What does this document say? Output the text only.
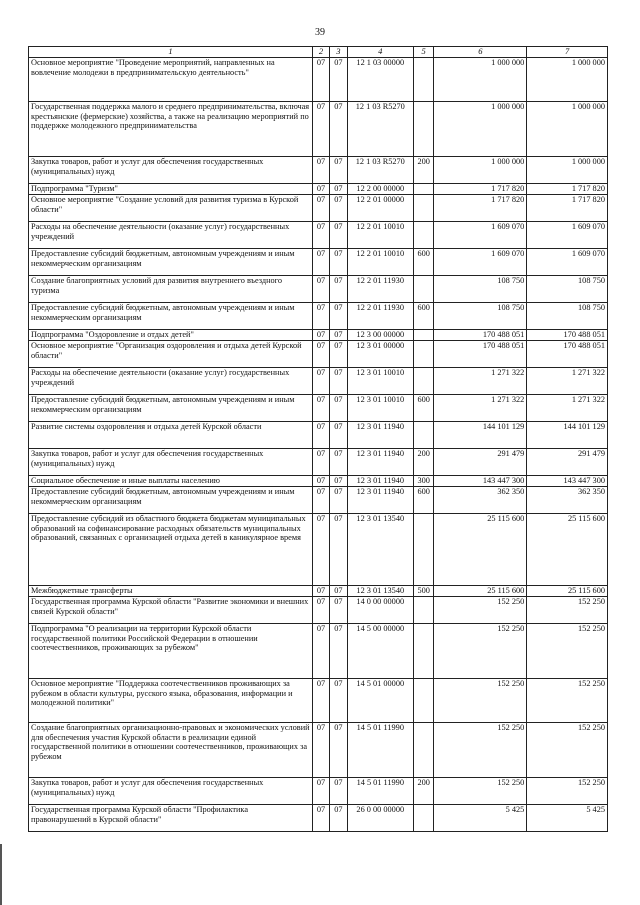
39
1	2	3	4	5	6	7
Основное мероприятие "Проведение мероприятий, направленных на вовлечение молодежи в предпринимательскую деятельность"	07	07	12 1 03 00000		1 000 000	1 000 000
Государственная поддержка малого и среднего предпринимательства, включая крестьянские (фермерские) хозяйства, а также на реализацию мероприятий по поддержке молодежного предпринимательства	07	07	12 1 03 R5270		1 000 000	1 000 000
Закупка товаров, работ и услуг для обеспечения государственных (муниципальных) нужд	07	07	12 1 03 R5270	200	1 000 000	1 000 000
Подпрограмма "Туризм"	07	07	12 2 00 00000		1 717 820	1 717 820
Основное мероприятие "Создание условий для развития туризма в Курской области"	07	07	12 2 01 00000		1 717 820	1 717 820
Расходы на обеспечение деятельности (оказание услуг) государственных учреждений	07	07	12 2 01 10010		1 609 070	1 609 070
Предоставление субсидий бюджетным, автономным учреждениям и иным некоммерческим организациям	07	07	12 2 01 10010	600	1 609 070	1 609 070
Создание благоприятных условий для развития внутреннего въездного туризма	07	07	12 2 01 11930		108 750	108 750
Предоставление субсидий бюджетным, автономным учреждениям и иным некоммерческим организациям	07	07	12 2 01 11930	600	108 750	108 750
Подпрограмма "Оздоровление и отдых детей"	07	07	12 3 00 00000		170 488 051	170 488 051
Основное мероприятие "Организация оздоровления и отдыха детей Курской области"	07	07	12 3 01 00000		170 488 051	170 488 051
Расходы на обеспечение деятельности (оказание услуг) государственных учреждений	07	07	12 3 01 10010		1 271 322	1 271 322
Предоставление субсидий бюджетным, автономным учреждениям и иным некоммерческим организациям	07	07	12 3 01 10010	600	1 271 322	1 271 322
Развитие системы оздоровления и отдыха детей Курской области	07	07	12 3 01 11940		144 101 129	144 101 129
Закупка товаров, работ и услуг для обеспечения государственных (муниципальных) нужд	07	07	12 3 01 11940	200	291 479	291 479
Социальное обеспечение и иные выплаты населению	07	07	12 3 01 11940	300	143 447 300	143 447 300
Предоставление субсидий бюджетным, автономным учреждениям и иным некоммерческим организациям	07	07	12 3 01 11940	600	362 350	362 350
Предоставление субсидий из областного бюджета бюджетам муниципальных образований на софинансирование расходных обязательств муниципальных образований, связанных с организацией отдыха детей в каникулярное время	07	07	12 3 01 13540		25 115 600	25 115 600
Межбюджетные трансферты	07	07	12 3 01 13540	500	25 115 600	25 115 600
Государственная программа Курской области "Развитие экономики и внешних связей Курской области"	07	07	14 0 00 00000		152 250	152 250
Подпрограмма "О реализации на территории Курской области государственной политики Российской Федерации в отношении соотечественников, проживающих за рубежом"	07	07	14 5 00 00000		152 250	152 250
Основное мероприятие "Поддержка соотечественников проживающих за рубежом в области культуры, русского языка, образования, информации и молодежной политики"	07	07	14 5 01 00000		152 250	152 250
Создание благоприятных организационно-правовых и экономических условий для обеспечения участия Курской области в реализации единой государственной политики в отношении соотечественников, проживающих за рубежом	07	07	14 5 01 11990		152 250	152 250
Закупка товаров, работ и услуг для обеспечения государственных (муниципальных) нужд	07	07	14 5 01 11990	200	152 250	152 250
Государственная программа Курской области "Профилактика правонарушений в Курской области"	07	07	26 0 00 00000		5 425	5 425
